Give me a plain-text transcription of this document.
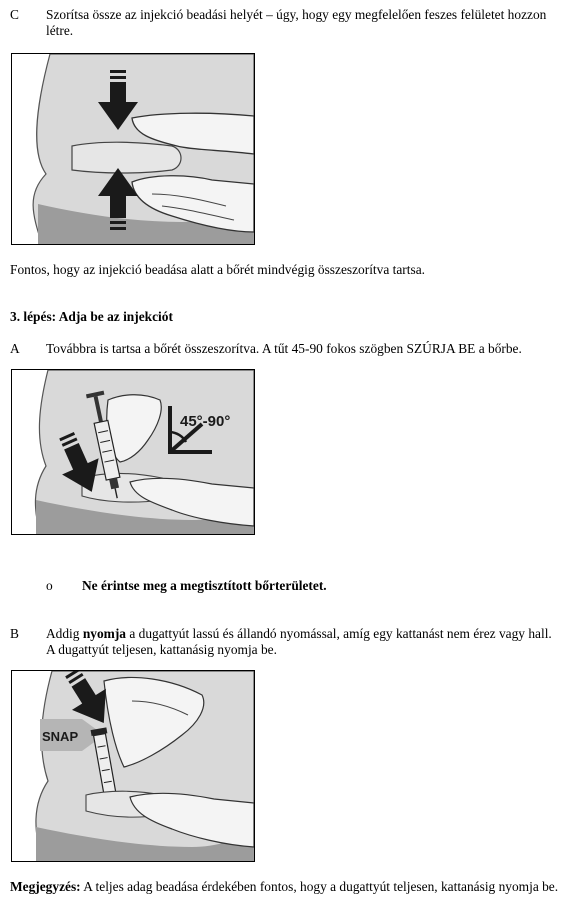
C Szorítsa össze az injekció beadási helyét – úgy, hogy egy megfelelően feszes felületet hozzon
létre.
Fontos, hogy az injekció beadása alatt a bőrét mindvégig összeszorítva tartsa.
3. lépés: Adja be az injekciót
A Továbbra is tartsa a bőrét összeszorítva. A tűt 45-90 fokos szögben SZÚRJA BE a bőrbe.
45°-90°
o Ne érintse meg a megtisztított bőrterületet.
B Addig nyomja a dugattyút lassú és állandó nyomással, amíg egy kattanást nem érez vagy hall.
A dugattyút teljesen, kattanásig nyomja be.
SNAP
Megjegyzés: A teljes adag beadása érdekében fontos, hogy a dugattyút teljesen, kattanásig nyomja be.
